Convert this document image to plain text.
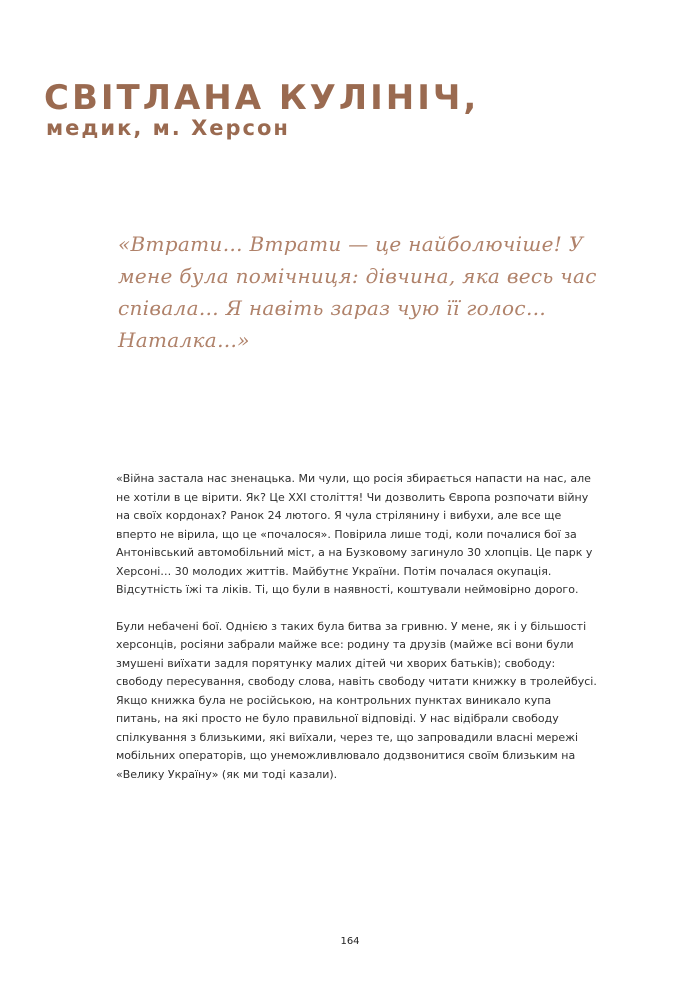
СВІТЛАНА КУЛІНІЧ,
медик, м. Херсон
«Втрати… Втрати — це найболючіше! У мене була помічниця: дівчина, яка весь час співала… Я навіть зараз чую її голос… Наталка…»

«Війна застала нас зненацька. Ми чули, що росія збирається напасти на нас, але не хотіли в це вірити. Як? Це XXI століття! Чи дозволить Європа розпочати війну на своїх кордонах? Ранок 24 лютого. Я чула стрілянину і вибухи, але все ще вперто не вірила, що це «почалося». Повірила лише тоді, коли почалися бої за Антонівський автомобільний міст, а на Бузковому загинуло 30 хлопців. Це парк у Херсоні… 30 молодих життів. Майбутнє України. Потім почалася окупація. Відсутність їжі та ліків. Ті, що були в наявності, коштували неймовірно дорого.

Були небачені бої. Однією з таких була битва за гривню. У мене, як і у більшості херсонців, росіяни забрали майже все: родину та друзів (майже всі вони були змушені виїхати задля порятунку малих дітей чи хворих батьків); свободу: свободу пересування, свободу слова, навіть свободу читати книжку в тролейбусі. Якщо книжка була не російською, на контрольних пунктах виникало купа питань, на які просто не було правильної відповіді. У нас відібрали свободу спілкування з близькими, які виїхали, через те, що запровадили власні мережі мобільних операторів, що унеможливлювало додзвонитися своїм близьким на «Велику Україну» (як ми тоді казали).

164
